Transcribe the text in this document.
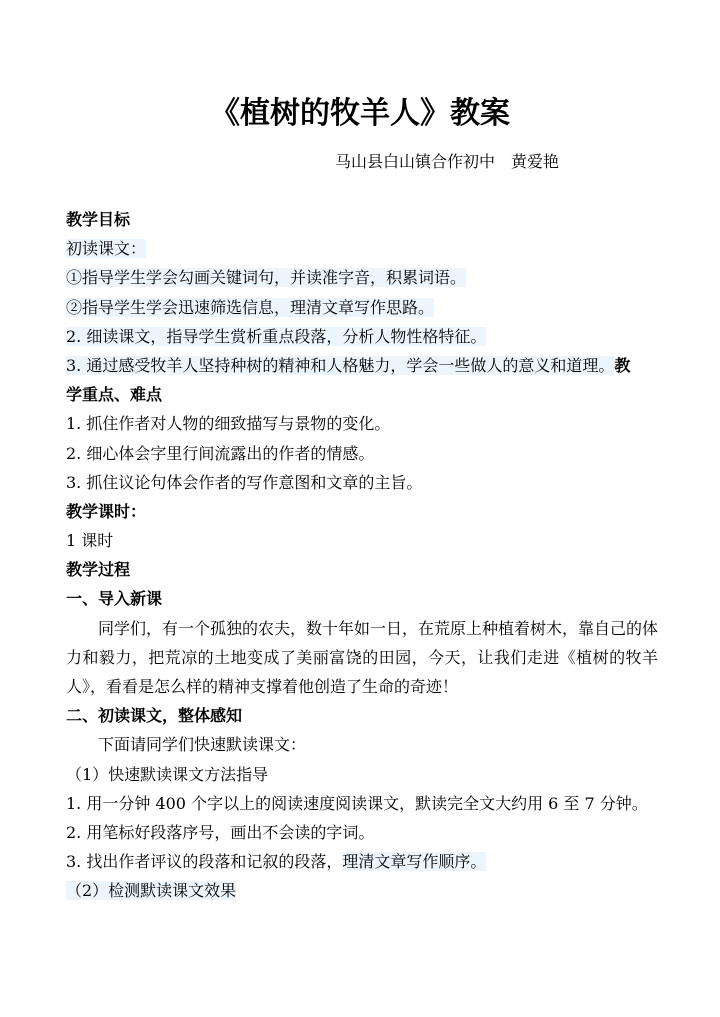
《植树的牧羊人》教案
马山县白山镇合作初中　黄爱艳
教学目标
初读课文：
①指导学生学会勾画关键词句，并读准字音，积累词语。
②指导学生学会迅速筛选信息，理清文章写作思路。
2. 细读课文，指导学生赏析重点段落，分析人物性格特征。
3. 通过感受牧羊人坚持种树的精神和人格魅力，学会一些做人的意义和道理。教
学重点、难点
1. 抓住作者对人物的细致描写与景物的变化。
2. 细心体会字里行间流露出的作者的情感。
3. 抓住议论句体会作者的写作意图和文章的主旨。
教学课时：
1 课时
教学过程
一、导入新课
同学们，有一个孤独的农夫，数十年如一日，在荒原上种植着树木，靠自己的体力和毅力，把荒凉的土地变成了美丽富饶的田园，今天，让我们走进《植树的牧羊人》，看看是怎么样的精神支撑着他创造了生命的奇迹！
二、初读课文，整体感知
下面请同学们快速默读课文：
（1）快速默读课文方法指导
1. 用一分钟 400 个字以上的阅读速度阅读课文，默读完全文大约用 6 至 7 分钟。
2. 用笔标好段落序号，画出不会读的字词。
3. 找出作者评议的段落和记叙的段落，理清文章写作顺序。
（2）检测默读课文效果
